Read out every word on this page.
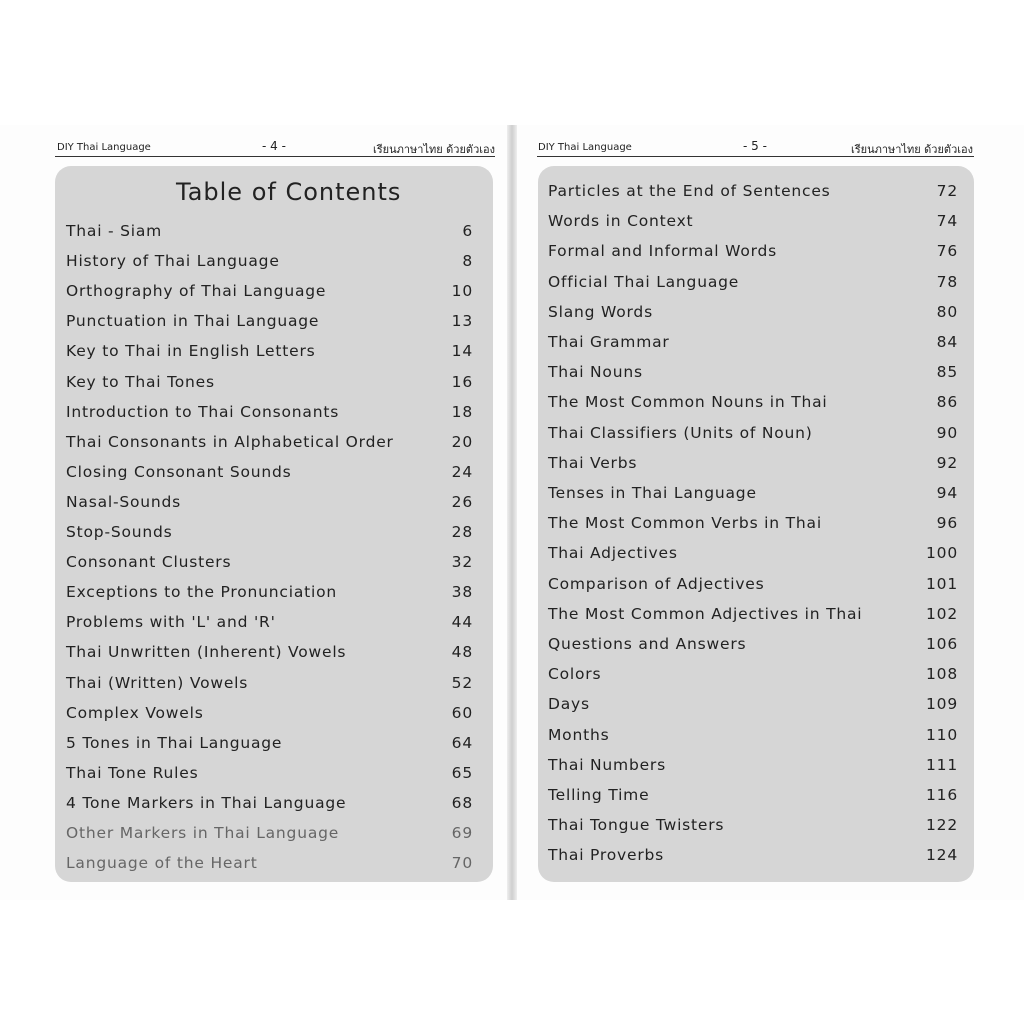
DIY Thai Language	- 4 -	เรียนภาษาไทย ด้วยตัวเอง	DIY Thai Language	- 5 -	เรียนภาษาไทย ด้วยตัวเอง
Table of Contents
Thai - Siam	6
History of Thai Language	8
Orthography of Thai Language	10
Punctuation in Thai Language	13
Key to Thai in English Letters	14
Key to Thai Tones	16
Introduction to Thai Consonants	18
Thai Consonants in Alphabetical Order	20
Closing Consonant Sounds	24
Nasal-Sounds	26
Stop-Sounds	28
Consonant Clusters	32
Exceptions to the Pronunciation	38
Problems with 'L' and 'R'	44
Thai Unwritten (Inherent) Vowels	48
Thai (Written) Vowels	52
Complex Vowels	60
5 Tones in Thai Language	64
Thai Tone Rules	65
4 Tone Markers in Thai Language	68
Other Markers in Thai Language	69
Language of the Heart	70
Particles at the End of Sentences	72
Words in Context	74
Formal and Informal Words	76
Official Thai Language	78
Slang Words	80
Thai Grammar	84
Thai Nouns	85
The Most Common Nouns in Thai	86
Thai Classifiers (Units of Noun)	90
Thai Verbs	92
Tenses in Thai Language	94
The Most Common Verbs in Thai	96
Thai Adjectives	100
Comparison of Adjectives	101
The Most Common Adjectives in Thai	102
Questions and Answers	106
Colors	108
Days	109
Months	110
Thai Numbers	111
Telling Time	116
Thai Tongue Twisters	122
Thai Proverbs	124
